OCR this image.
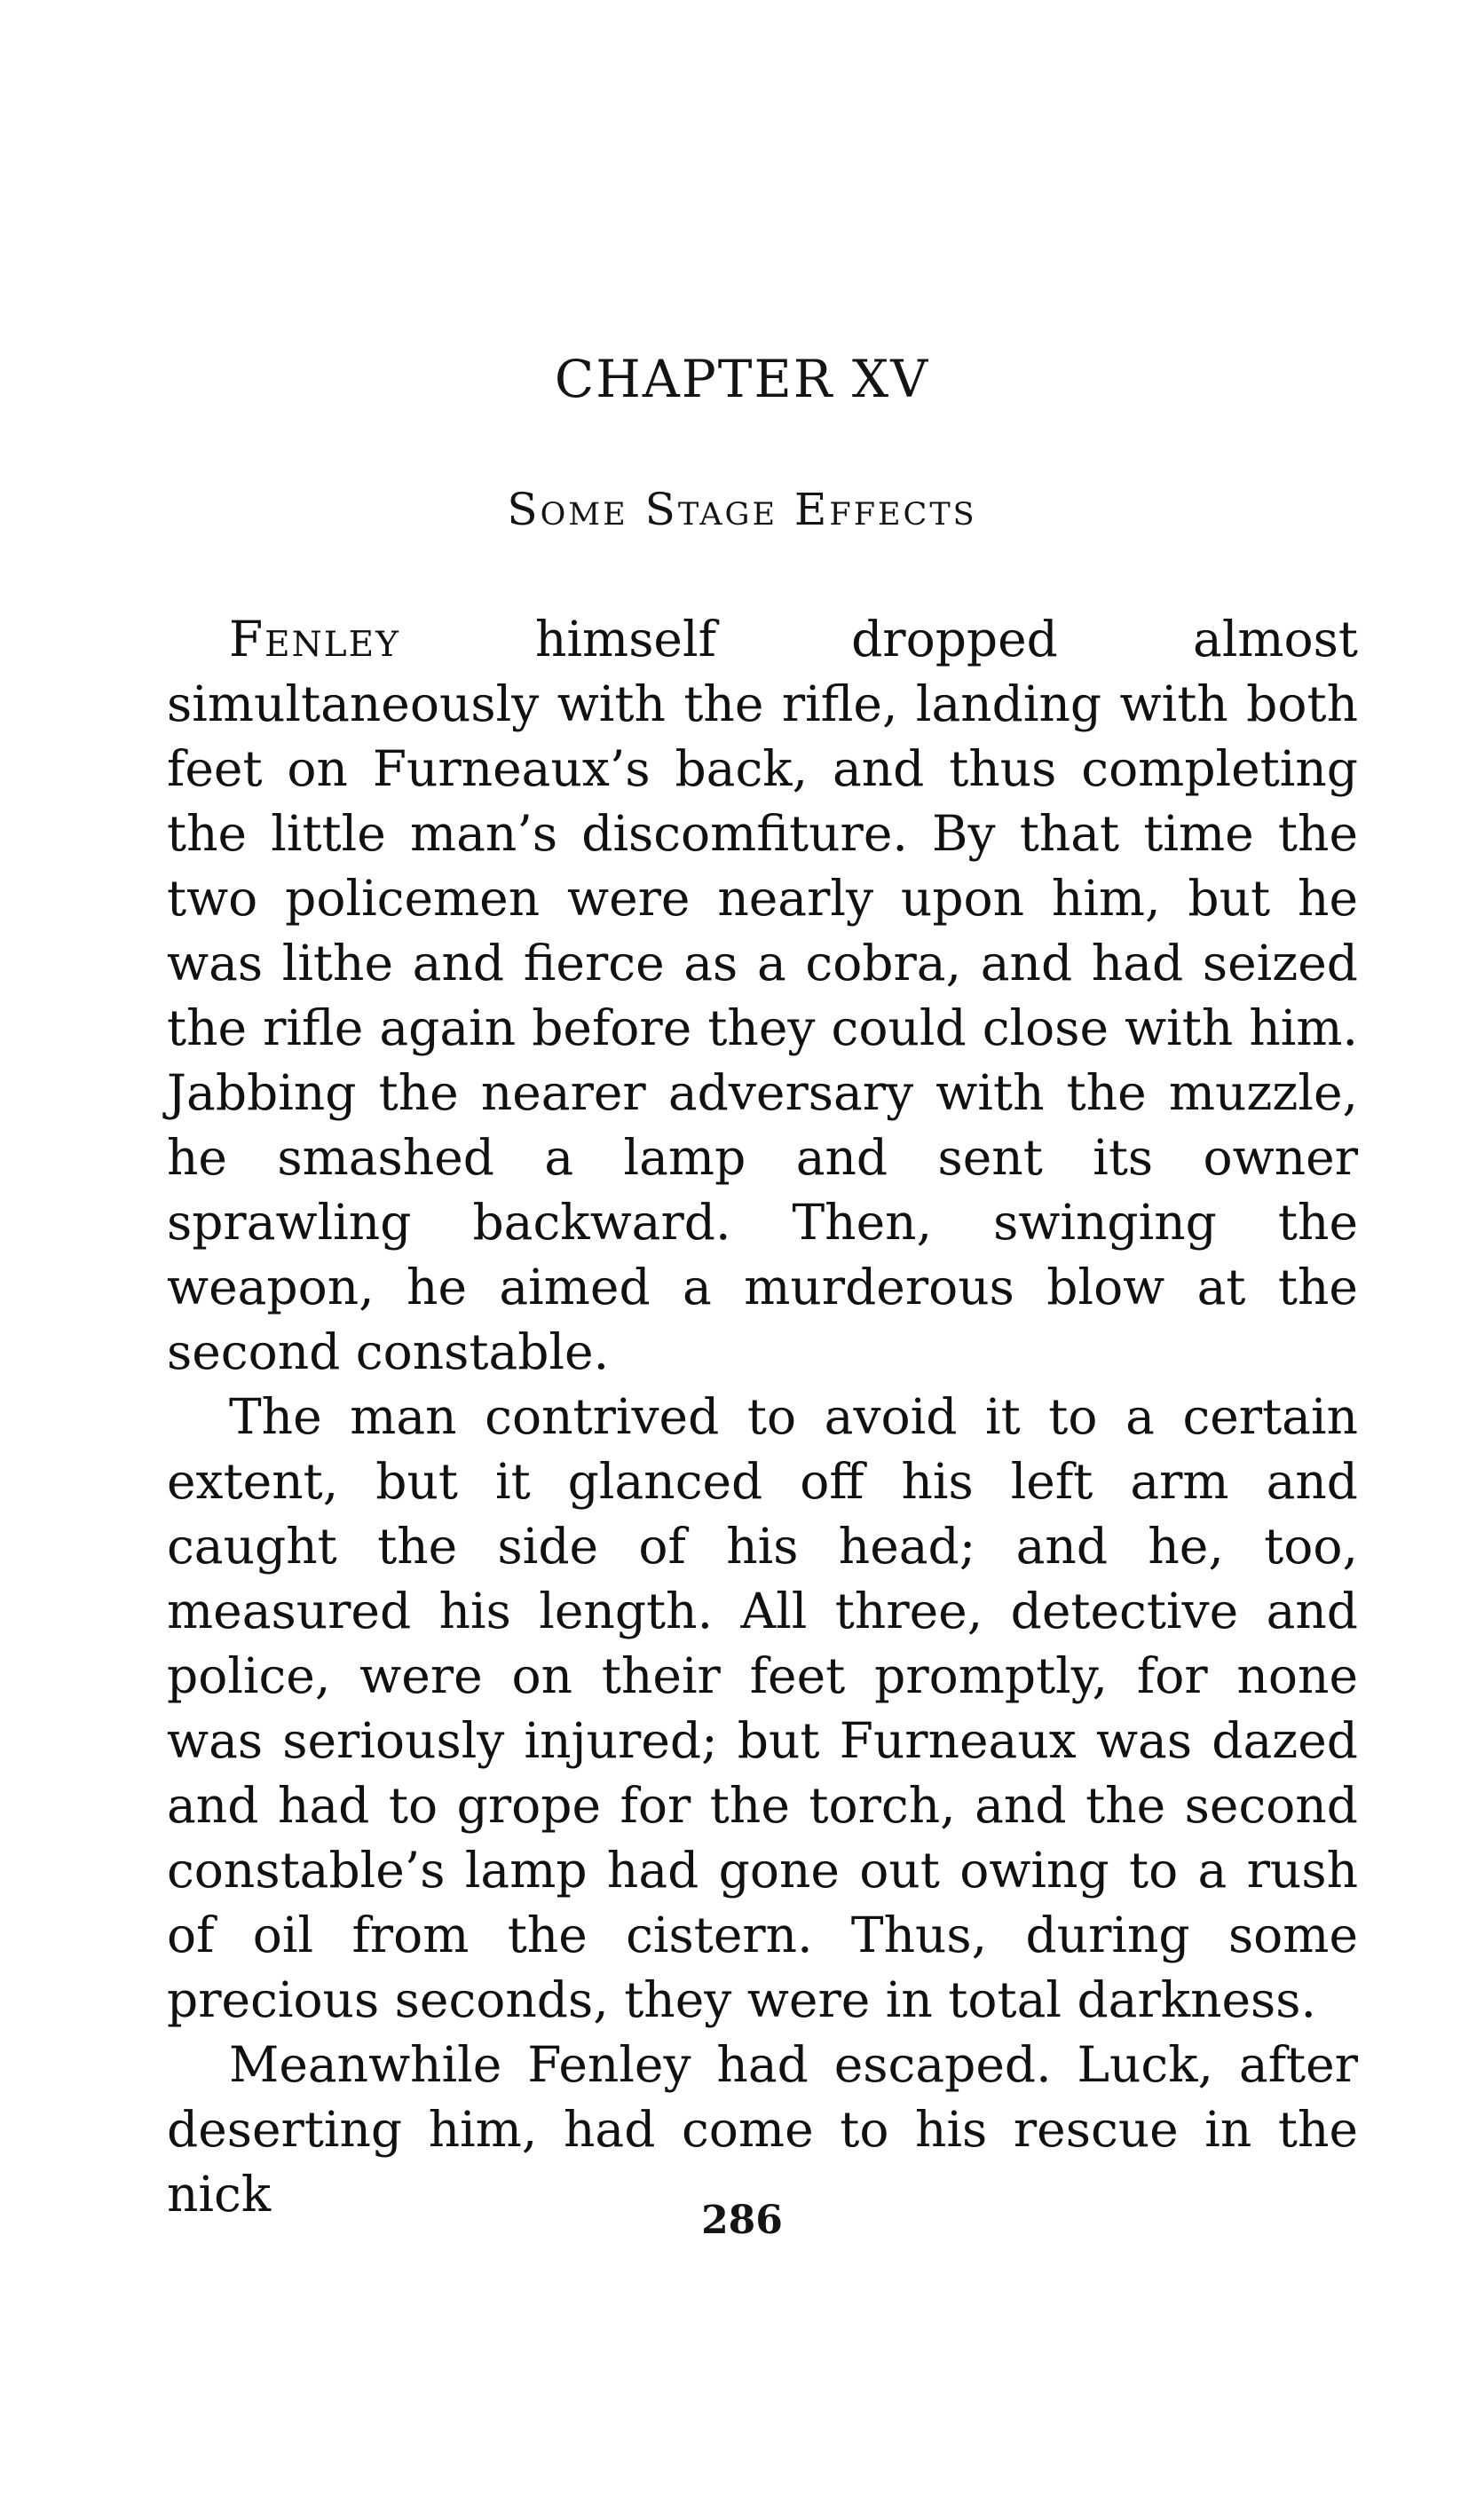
CHAPTER XV
Some Stage Effects

Fenley himself dropped almost simultaneously with the rifle, landing with both feet on Furneaux’s back, and thus completing the little man’s discomfiture. By that time the two policemen were nearly upon him, but he was lithe and fierce as a cobra, and had seized the rifle again before they could close with him. Jabbing the nearer adversary with the muzzle, he smashed a lamp and sent its owner sprawling backward. Then, swinging the weapon, he aimed a murderous blow at the second constable.

The man contrived to avoid it to a certain extent, but it glanced off his left arm and caught the side of his head; and he, too, measured his length. All three, detective and police, were on their feet promptly, for none was seriously injured; but Furneaux was dazed and had to grope for the torch, and the second constable’s lamp had gone out owing to a rush of oil from the cistern. Thus, during some precious seconds, they were in total darkness.

Meanwhile Fenley had escaped. Luck, after deserting him, had come to his rescue in the nick	286
